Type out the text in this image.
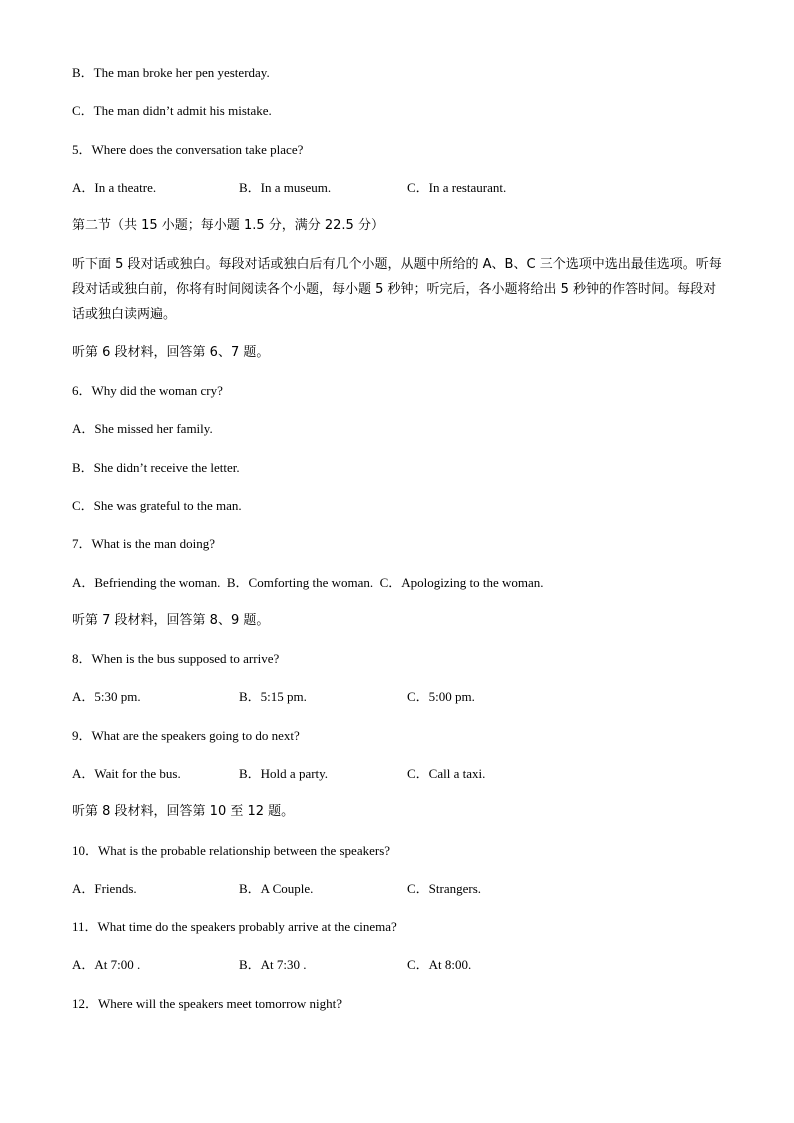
B．The man broke her pen yesterday.
C．The man didn’t admit his mistake.
5．Where does the conversation take place?
A．In a theatre.	B．In a museum.	C．In a restaurant.
第二节（共 15 小题；每小题 1.5 分，满分 22.5 分）
听下面 5 段对话或独白。每段对话或独白后有几个小题，从题中所给的 A、B、C 三个选项中选出最佳选项。听每段对话或独白前，你将有时间阅读各个小题，每小题 5 秒钟；听完后，各小题将给出 5 秒钟的作答时间。每段对话或独白读两遍。
听第 6 段材料，回答第 6、7 题。
6．Why did the woman cry?
A．She missed her family.
B．She didn’t receive the letter.
C．She was grateful to the man.
7．What is the man doing?
A．Befriending the woman.  B．Comforting the woman.  C．Apologizing to the woman.
听第 7 段材料，回答第 8、9 题。
8．When is the bus supposed to arrive?
A．5:30 pm.	B．5:15 pm.	C．5:00 pm.
9．What are the speakers going to do next?
A．Wait for the bus.	B．Hold a party.	C．Call a taxi.
听第 8 段材料，回答第 10 至 12 题。
10．What is the probable relationship between the speakers?
A．Friends.	B．A Couple.	C．Strangers.
11．What time do the speakers probably arrive at the cinema?
A．At 7:00 .	B．At 7:30 .	C．At 8:00.
12．Where will the speakers meet tomorrow night?
